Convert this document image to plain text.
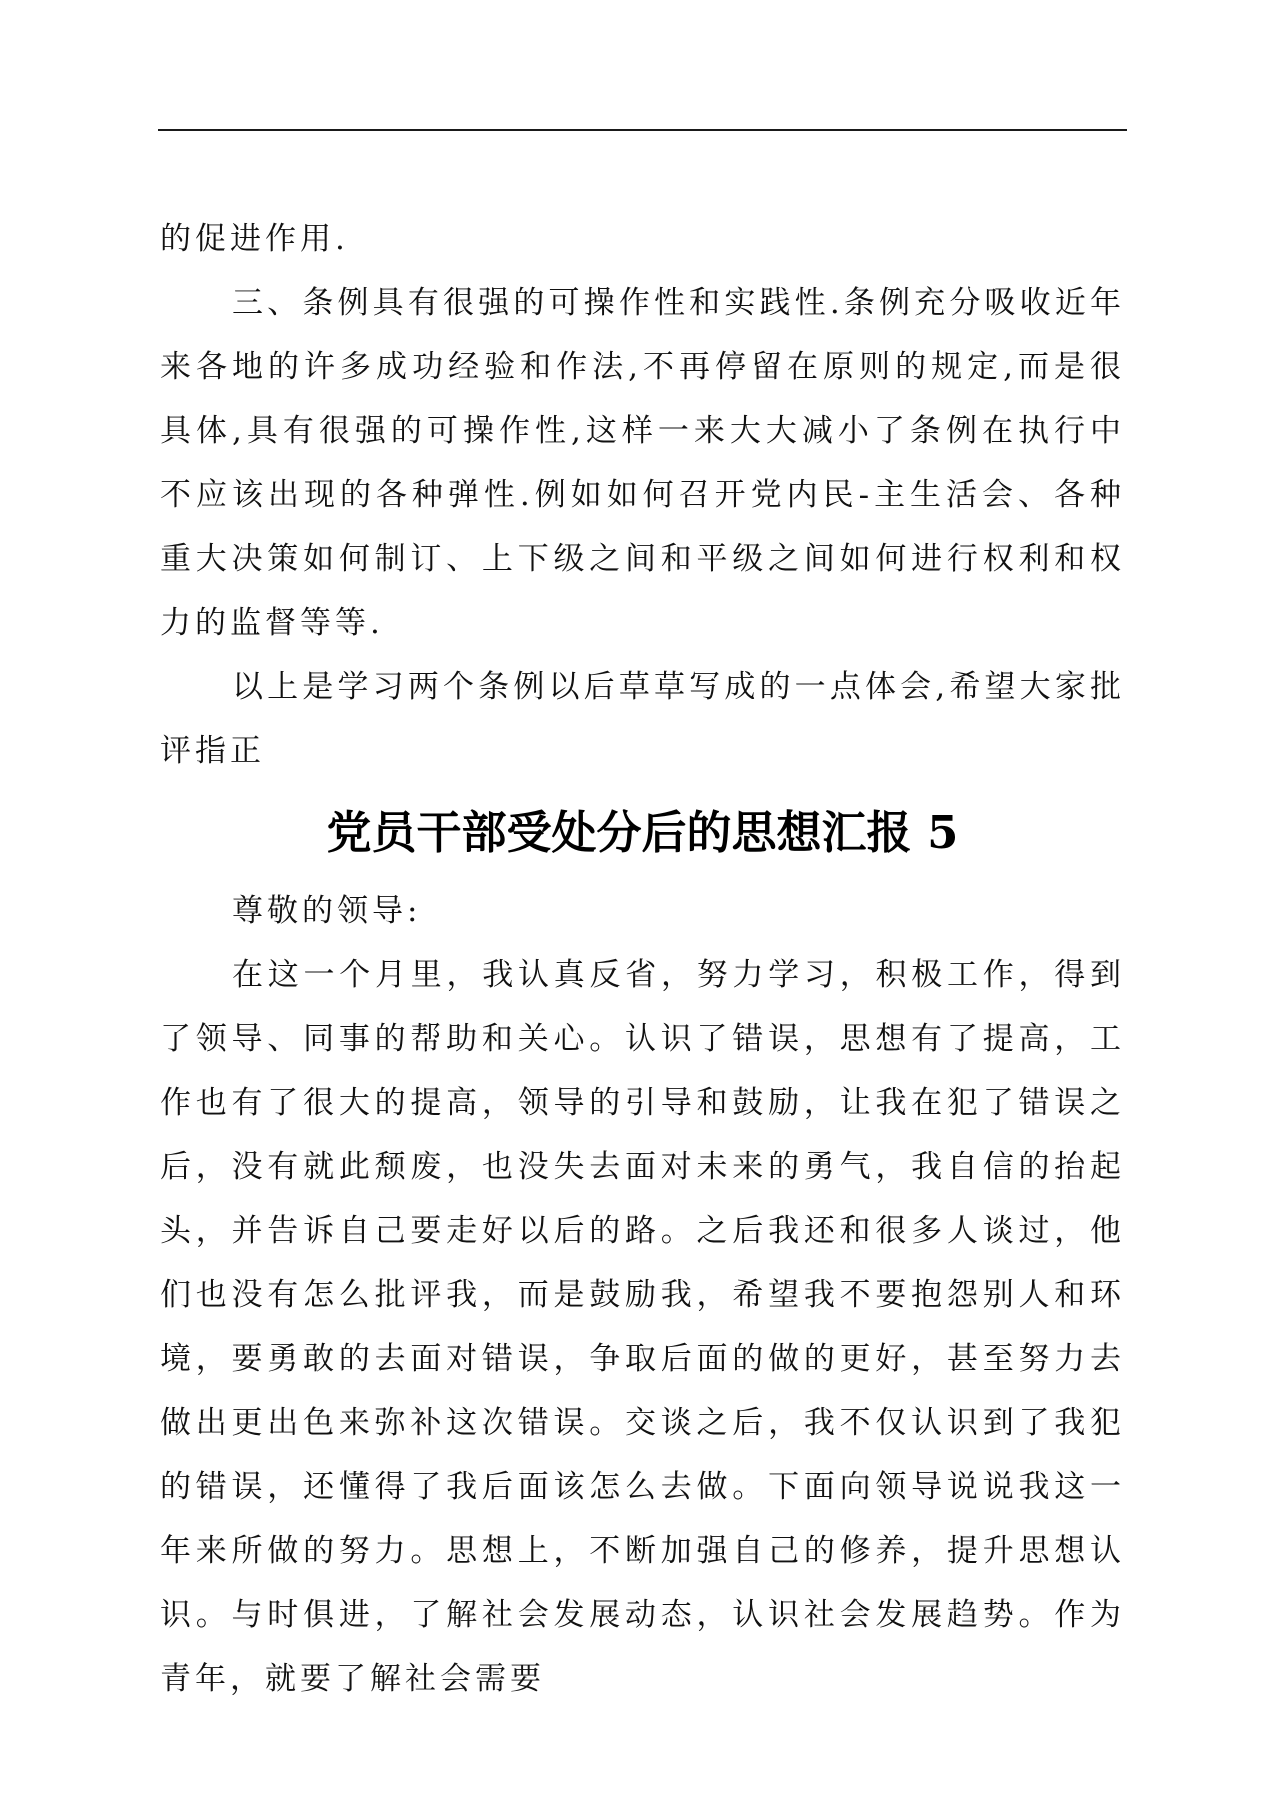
的促进作用.

三、条例具有很强的可操作性和实践性.条例充分吸收近年来各地的许多成功经验和作法,不再停留在原则的规定,而是很具体,具有很强的可操作性,这样一来大大减小了条例在执行中不应该出现的各种弹性.例如如何召开党内民-主生活会、各种重大决策如何制订、上下级之间和平级之间如何进行权利和权力的监督等等.

以上是学习两个条例以后草草写成的一点体会,希望大家批评指正

党员干部受处分后的思想汇报 5

尊敬的领导:

在这一个月里，我认真反省，努力学习，积极工作，得到了领导、同事的帮助和关心。认识了错误，思想有了提高，工作也有了很大的提高，领导的引导和鼓励，让我在犯了错误之后，没有就此颓废，也没失去面对未来的勇气，我自信的抬起头，并告诉自己要走好以后的路。之后我还和很多人谈过，他们也没有怎么批评我，而是鼓励我，希望我不要抱怨别人和环境，要勇敢的去面对错误，争取后面的做的更好，甚至努力去做出更出色来弥补这次错误。交谈之后，我不仅认识到了我犯的错误，还懂得了我后面该怎么去做。下面向领导说说我这一年来所做的努力。思想上，不断加强自己的修养，提升思想认识。与时俱进，了解社会发展动态，认识社会发展趋势。作为青年，就要了解社会需要
